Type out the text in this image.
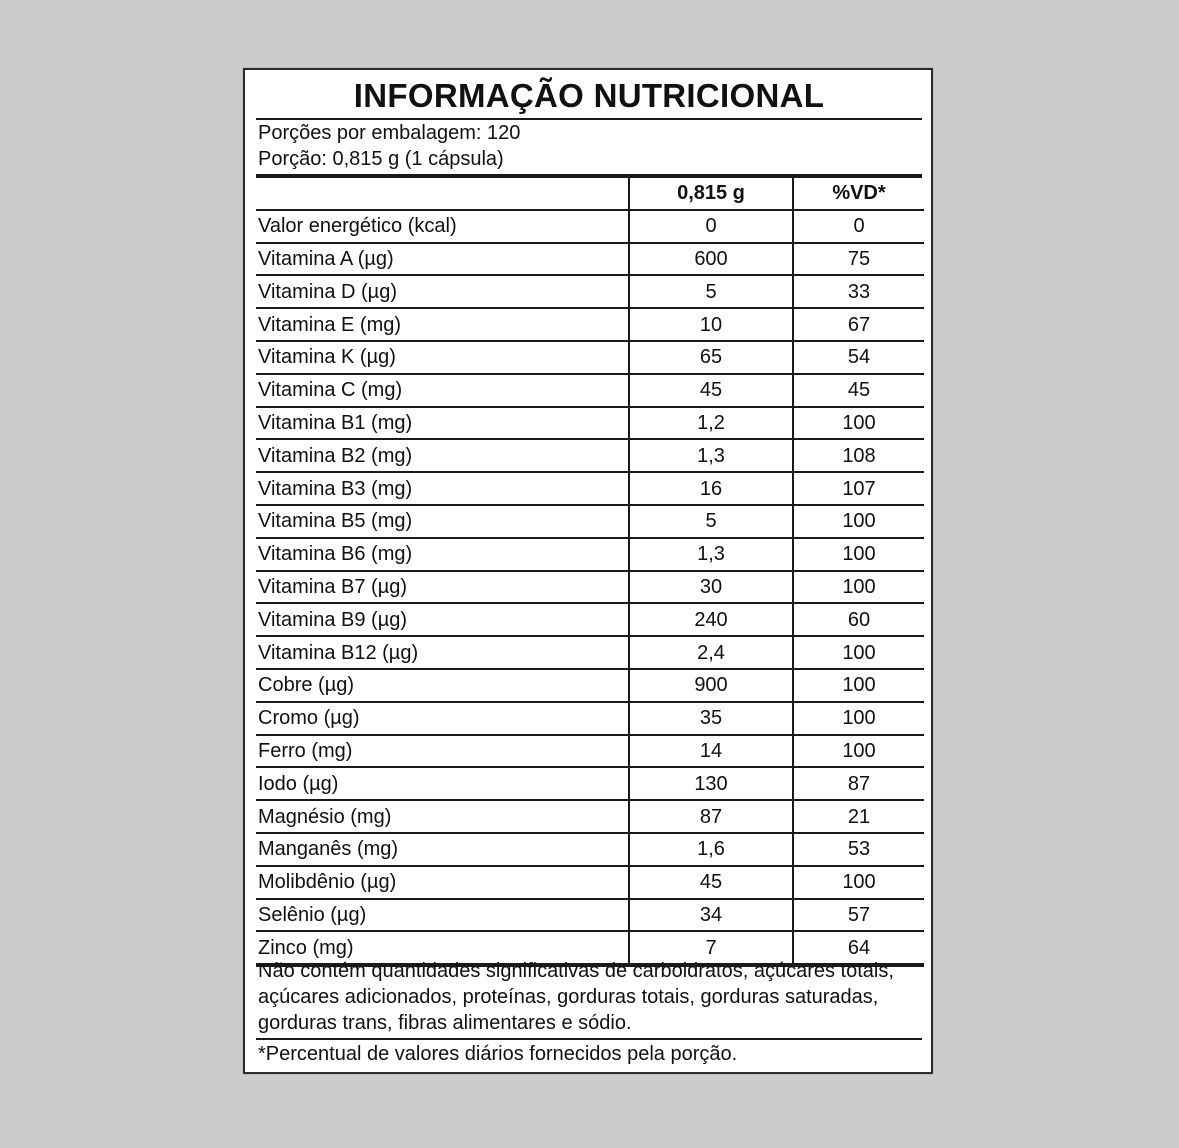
INFORMAÇÃO NUTRICIONAL
Porções por embalagem: 120
Porção: 0,815 g (1 cápsula)
	0,815 g	%VD*
Valor energético (kcal)	0	0
Vitamina A (µg)	600	75
Vitamina D (µg)	5	33
Vitamina E (mg)	10	67
Vitamina K (µg)	65	54
Vitamina C (mg)	45	45
Vitamina B1 (mg)	1,2	100
Vitamina B2 (mg)	1,3	108
Vitamina B3 (mg)	16	107
Vitamina B5 (mg)	5	100
Vitamina B6 (mg)	1,3	100
Vitamina B7 (µg)	30	100
Vitamina B9 (µg)	240	60
Vitamina B12 (µg)	2,4	100
Cobre (µg)	900	100
Cromo (µg)	35	100
Ferro (mg)	14	100
Iodo (µg)	130	87
Magnésio (mg)	87	21
Manganês (mg)	1,6	53
Molibdênio (µg)	45	100
Selênio (µg)	34	57
Zinco (mg)	7	64
Não contém quantidades significativas de carboidratos, açúcares totais, açúcares adicionados, proteínas, gorduras totais, gorduras saturadas, gorduras trans, fibras alimentares e sódio.
*Percentual de valores diários fornecidos pela porção.
